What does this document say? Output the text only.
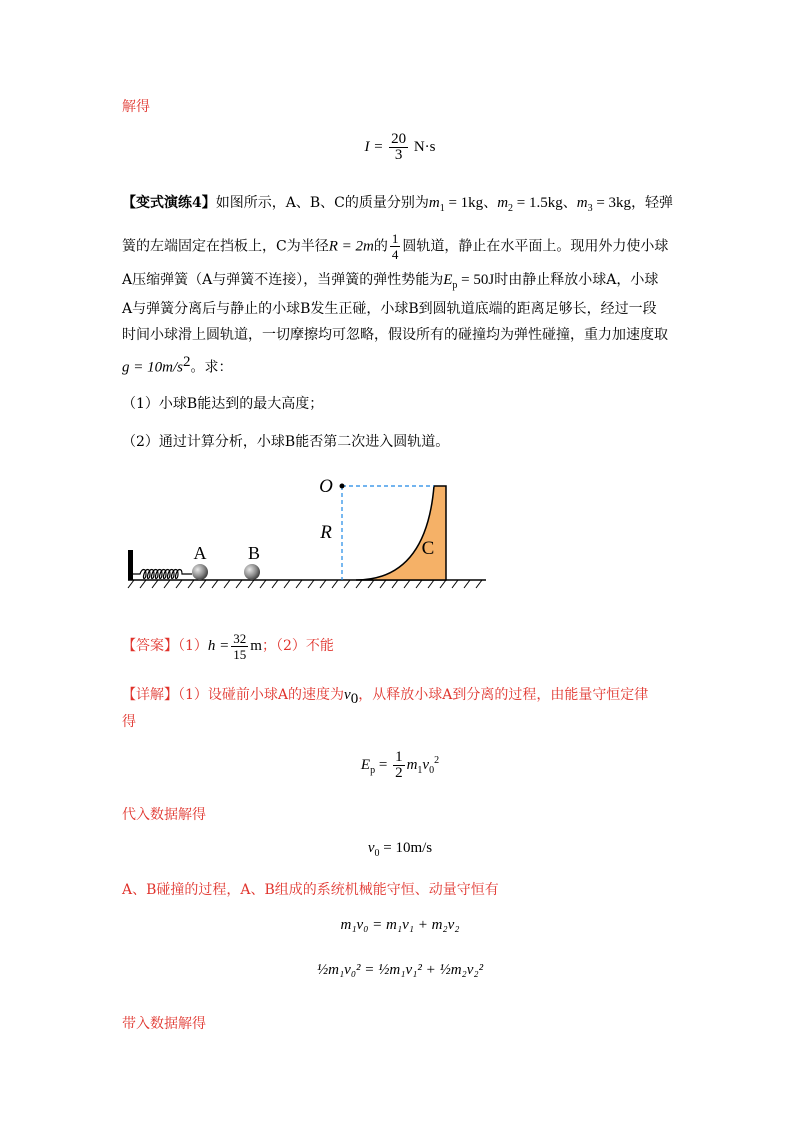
解得
$I = \frac{20}{3} N\cdot s$
【变式演练4】如图所示，A、B、C的质量分别为$m_1 = 1kg$、$m_2 = 1.5kg$、$m_3 = 3kg$，轻弹
簧的左端固定在挡板上，C为半径R = 2m的 $\frac{1}{4}$ 圆轨道，静止在水平面上。现用外力使小球
A压缩弹簧（A与弹簧不连接），当弹簧的弹性势能为$E_p = 50J$时由静止释放小球A，小球
A与弹簧分离后与静止的小球B发生正碰，小球B到圆轨道底端的距离足够长，经过一段
时间小球滑上圆轨道，一切摩擦均可忽略，假设所有的碰撞均为弹性碰撞，重力加速度取
$g = 10m/s^2$。求：
（1）小球B能达到的最大高度；
（2）通过计算分析，小球B能否第二次进入圆轨道。
A B
O
R
C
【答案】$(1)h = \frac{32}{15}$ m；（2）不能
【详解】（1）设碰前小球A的速度为$v_0$，从释放小球A到分离的过程，由能量守恒定律
得
$E_p = \frac{1}{2} m_1v_0^2$
代入数据解得
$v_0 = 10m/s$
A、B碰撞的过程，A、B组成的系统机械能守恒、动量守恒有
m₁v₀ = m₁v₁ + m₂v₂
½m₁v₀² = ½m₁v₁² + ½m₂v₂²
带入数据解得
